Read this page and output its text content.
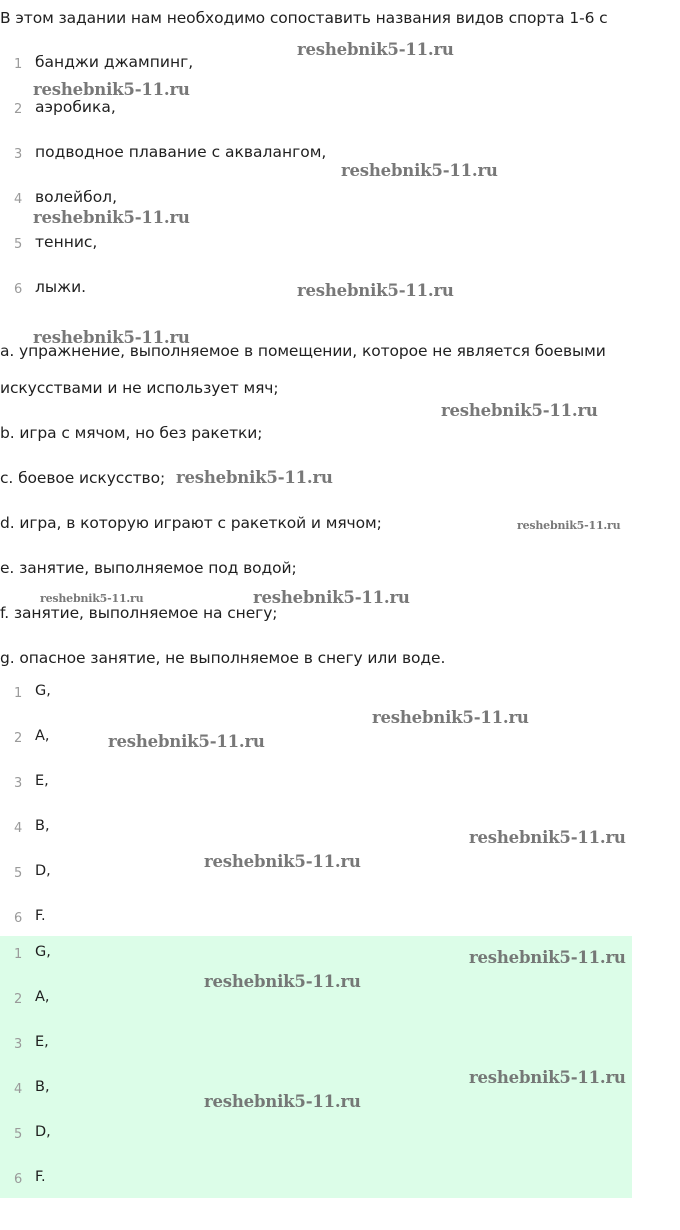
В этом задании нам необходимо сопоставить названия видов спорта 1-6 с
1 банджи джампинг,
2 аэробика,
3 подводное плавание с аквалангом,
4 волейбол,
5 теннис,
6 лыжи.
a. упражнение, выполняемое в помещении, которое не является боевыми
искусствами и не использует мяч;
b. игра с мячом, но без ракетки;
c. боевое искусство;
d. игра, в которую играют с ракеткой и мячом;
e. занятие, выполняемое под водой;
f. занятие, выполняемое на снегу;
g. опасное занятие, не выполняемое в снегу или воде.
1 G,
2 A,
3 E,
4 B,
5 D,
6 F.
1 G,
2 A,
3 E,
4 B,
5 D,
6 F.
reshebnik5-11.ru
reshebnik5-11.ru
reshebnik5-11.ru
reshebnik5-11.ru
reshebnik5-11.ru
reshebnik5-11.ru
reshebnik5-11.ru
reshebnik5-11.ru
reshebnik5-11.ru
reshebnik5-11.ru	reshebnik5-11.ru
reshebnik5-11.ru
reshebnik5-11.ru
reshebnik5-11.ru
reshebnik5-11.ru
reshebnik5-11.ru
reshebnik5-11.ru
reshebnik5-11.ru
reshebnik5-11.ru
